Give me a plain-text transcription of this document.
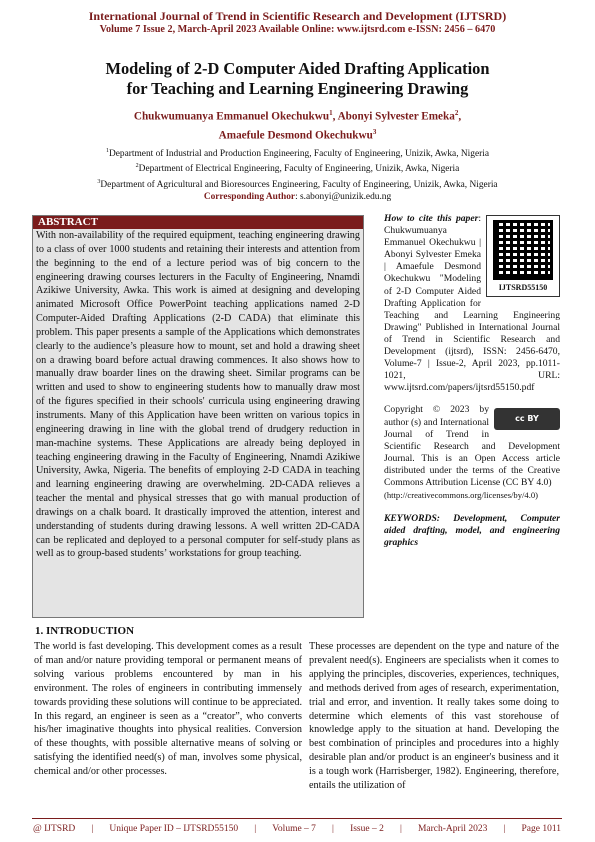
International Journal of Trend in Scientific Research and Development (IJTSRD)
Volume 7 Issue 2, March-April 2023 Available Online: www.ijtsrd.com e-ISSN: 2456 – 6470
Modeling of 2-D Computer Aided Drafting Application
for Teaching and Learning Engineering Drawing
Chukwumuanya Emmanuel Okechukwu$^1$, Abonyi Sylvester Emeka$^2$,
Amaefule Desmond Okechukwu$^3$
$^1$Department of Industrial and Production Engineering, Faculty of Engineering, Unizik, Awka, Nigeria
$^2$Department of Electrical Engineering, Faculty of Engineering, Unizik, Awka, Nigeria
$^3$Department of Agricultural and Bioresources Engineering, Faculty of Engineering, Unizik, Awka, Nigeria
Corresponding Author: s.abonyi@unizik.edu.ng
ABSTRACT
With non-availability of the required equipment, teaching engineering drawing to a class of over 1000 students and retaining their interests and attention from the beginning to the end of a lecture period was of big concern to the engineering drawing courses lecturers in the Faculty of Engineering, Nnamdi Azikiwe University, Awka. This work is aimed at designing and developing animated Microsoft Office PowerPoint teaching applications named 2-D Computer-Aided Drafting Applications (2-D CADA) that eliminate this problem. This paper presents a sample of the Applications which demonstrates clearly to the audience’s pleasure how to mount, set and hold a drawing sheet on a drawing board before actual drawing commences. It also shows how to manually draw boarder lines on the drawing sheet. Similar programs can be written and used to show to engineering students how to manually draw most of the figures specified in their schools' curricula using engineering drawing instruments. Many of this Application have been written on various topics in engineering drawing in line with the global trend of drudgery reduction in man-machine systems. These Applications are already being deployed in teaching engineering drawing in the Faculty of Engineering, Nnamdi Azikiwe University, Awka, Nigeria. The benefits of employing 2-D CADA in teaching and learning engineering drawing are overwhelming. 2D-CADA relieves a teacher the mental and physical stresses that go with manual production of drawings on a chalk board. It drastically improved the attention, interest and understanding of students during drawing lessons. A well written 2D-CADA can be replicated and deployed to a personal computer for self-study plans as well as to group-based students’ workstations for group teaching.
IJTSRD55150
How to cite this paper: Chukwumuanya Emmanuel Okechukwu | Abonyi Sylvester Emeka | Amaefule Desmond Okechukwu "Modeling of 2-D Computer Aided Drafting Application for Teaching and Learning Engineering Drawing" Published in International Journal of Trend in Scientific Research and Development (ijtsrd), ISSN: 2456-6470, Volume-7 | Issue-2, April 2023, pp.1011-1021, URL: www.ijtsrd.com/papers/ijtsrd55150.pdf
cc BY
Copyright © 2023 by author (s) and International Journal of Trend in Scientific Research and Development Journal. This is an Open Access article distributed under the terms of the Creative Commons Attribution License (CC BY 4.0)
(http://creativecommons.org/licenses/by/4.0)
KEYWORDS: Development, Computer aided drafting, model, and engineering graphics
1. INTRODUCTION
The world is fast developing. This development comes as a result of man and/or nature providing temporal or permanent means of solving various problems encountered by man in his environment. The roles of engineers in contributing immensely towards providing these solutions will continue to be appreciated. In this regard, an engineer is seen as a “creator”, who converts his/her imaginative thoughts into physical realities. Conversion of these thoughts, with possible alternative means of solving or satisfying the identified need(s) of man, involves some physical, chemical and/or other processes.
These processes are dependent on the type and nature of the prevalent need(s). Engineers are specialists when it comes to applying the principles, discoveries, experiences, techniques, and methods derived from ages of research, experimentation, trial and error, and invention. It really takes some doing to determine which elements of this vast storehouse of knowledge apply to the situation at hand. Developing the best combination of principles and procedures into a highly desirable plan and/or product is an engineer's business and it is a tough work (Harrisberger, 1982). Engineering, therefore, entails the utilization of
@ IJTSRD | Unique Paper ID – IJTSRD55150 | Volume – 7 | Issue – 2 | March-April 2023 | Page 1011
